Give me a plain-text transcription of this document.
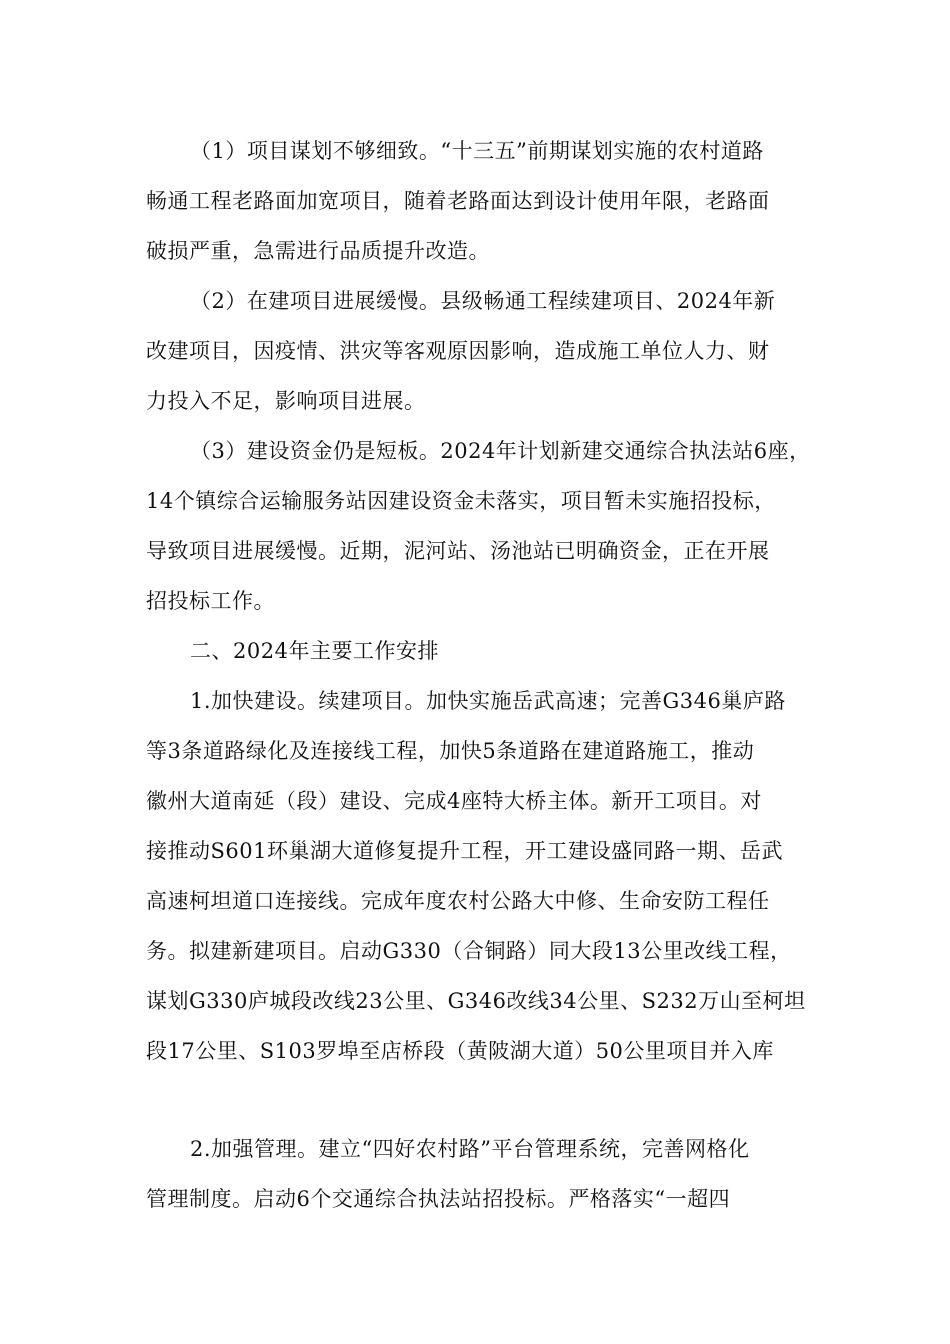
（1）项目谋划不够细致。“十三五”前期谋划实施的农村道路

畅通工程老路面加宽项目，随着老路面达到设计使用年限，老路面

破损严重，急需进行品质提升改造。

（2）在建项目进展缓慢。县级畅通工程续建项目、2024年新

改建项目，因疫情、洪灾等客观原因影响，造成施工单位人力、财

力投入不足，影响项目进展。

（3）建设资金仍是短板。2024年计划新建交通综合执法站6座，

14个镇综合运输服务站因建设资金未落实，项目暂未实施招投标，

导致项目进展缓慢。近期，泥河站、汤池站已明确资金，正在开展

招投标工作。

二、2024年主要工作安排

1.加快建设。续建项目。加快实施岳武高速；完善G346巢庐路

等3条道路绿化及连接线工程，加快5条道路在建道路施工，推动

徽州大道南延（段）建设、完成4座特大桥主体。新开工项目。对

接推动S601环巢湖大道修复提升工程，开工建设盛同路一期、岳武

高速柯坦道口连接线。完成年度农村公路大中修、生命安防工程任

务。拟建新建项目。启动G330（合铜路）同大段13公里改线工程，

谋划G330庐城段改线23公里、G346改线34公里、S232万山至柯坦

段17公里、S103罗埠至店桥段（黄陂湖大道）50公里项目并入库

2.加强管理。建立“四好农村路”平台管理系统，完善网格化

管理制度。启动6个交通综合执法站招投标。严格落实“一超四
